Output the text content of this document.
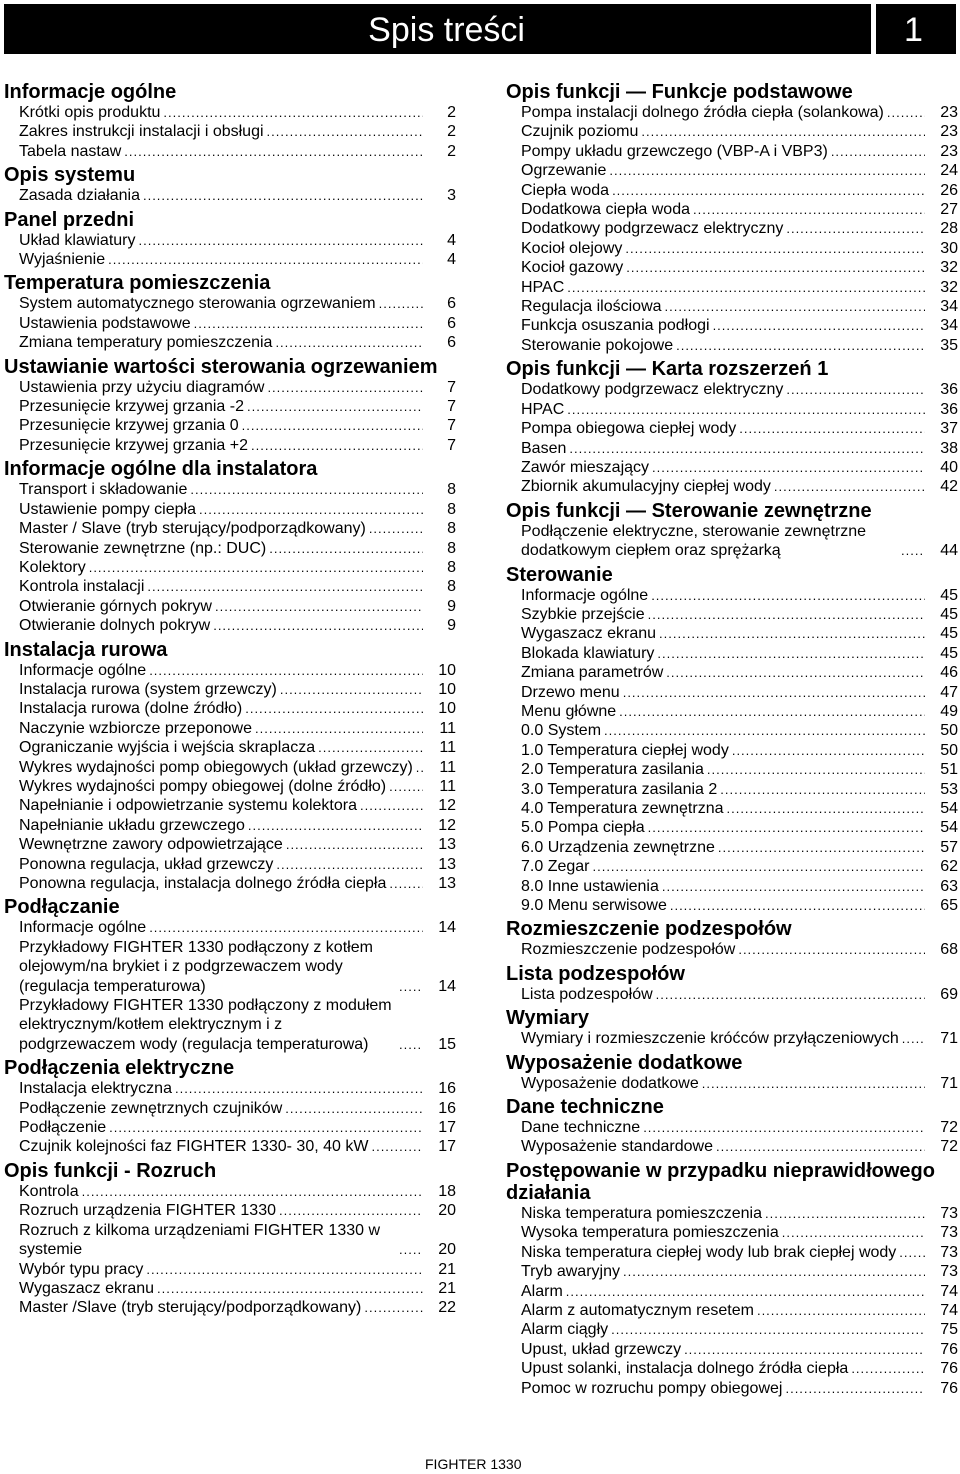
Spis treści	1
Informacje ogólne
Krótki opis produktu .....	2
Zakres instrukcji instalacji i obsługi .....	2
Tabela nastaw .....	2
Opis systemu
Zasada działania .....	3
Panel przedni
Układ klawiatury .....	4
Wyjaśnienie .....	4
Temperatura pomieszczenia
System automatycznego sterowania ogrzewaniem .....	6
Ustawienia podstawowe .....	6
Zmiana temperatury pomieszczenia .....	6
Ustawianie wartości sterowania ogrzewaniem
Ustawienia przy użyciu diagramów .....	7
Przesunięcie krzywej grzania -2 .....	7
Przesunięcie krzywej grzania 0 .....	7
Przesunięcie krzywej grzania +2 .....	7
Informacje ogólne dla instalatora
Transport i składowanie .....	8
Ustawienie pompy ciepła .....	8
Master / Slave (tryb sterujący/podporządkowany) .....	8
Sterowanie zewnętrzne (np.: DUC) .....	8
Kolektory .....	8
Kontrola instalacji .....	8
Otwieranie górnych pokryw .....	9
Otwieranie dolnych pokryw .....	9
Instalacja rurowa
Informacje ogólne .....	10
Instalacja rurowa (system grzewczy) .....	10
Instalacja rurowa (dolne źródło) .....	10
Naczynie wzbiorcze przeponowe .....	11
Ograniczanie wyjścia i wejścia skraplacza .....	11
Wykres wydajności pomp obiegowych (układ grzewczy) .....	11
Wykres wydajności pompy obiegowej (dolne źródło) .....	11
Napełnianie i odpowietrzanie systemu kolektora .....	12
Napełnianie układu grzewczego .....	12
Wewnętrzne zawory odpowietrzające .....	13
Ponowna regulacja, układ grzewczy .....	13
Ponowna regulacja, instalacja dolnego źródła ciepła .....	13
Podłączanie
Informacje ogólne .....	14
Przykładowy FIGHTER 1330 podłączony z kotłem olejowym/na brykiet i z podgrzewaczem wody (regulacja temperaturowa) .....	14
Przykładowy FIGHTER 1330 podłączony z modułem elektrycznym/kotłem elektrycznym i z podgrzewaczem wody (regulacja temperaturowa) .....	15
Podłączenia elektryczne
Instalacja elektryczna .....	16
Podłączenie zewnętrznych czujników .....	16
Podłączenie .....	17
Czujnik kolejności faz FIGHTER 1330- 30, 40 kW .....	17
Opis funkcji - Rozruch
Kontrola .....	18
Rozruch urządzenia FIGHTER 1330 .....	20
Rozruch z kilkoma urządzeniami FIGHTER 1330 w systemie .....	20
Wybór typu pracy .....	21
Wygaszacz ekranu .....	21
Master /Slave (tryb sterujący/podporządkowany) .....	22
Opis funkcji — Funkcje podstawowe
Pompa instalacji dolnego źródła ciepła (solankowa) .....	23
Czujnik poziomu .....	23
Pompy układu grzewczego (VBP-A i VBP3) .....	23
Ogrzewanie .....	24
Ciepła woda .....	26
Dodatkowa ciepła woda .....	27
Dodatkowy podgrzewacz elektryczny .....	28
Kocioł olejowy .....	30
Kocioł gazowy .....	32
HPAC .....	32
Regulacja ilościowa .....	34
Funkcja osuszania podłogi .....	34
Sterowanie pokojowe .....	35
Opis funkcji — Karta rozszerzeń 1
Dodatkowy podgrzewacz elektryczny .....	36
HPAC .....	36
Pompa obiegowa ciepłej wody .....	37
Basen .....	38
Zawór mieszający .....	40
Zbiornik akumulacyjny ciepłej wody .....	42
Opis funkcji — Sterowanie zewnętrzne
Podłączenie elektryczne, sterowanie zewnętrzne dodatkowym ciepłem oraz sprężarką .....	44
Sterowanie
Informacje ogólne .....	45
Szybkie przejście .....	45
Wygaszacz ekranu .....	45
Blokada klawiatury .....	45
Zmiana parametrów .....	46
Drzewo menu .....	47
Menu główne .....	49
0.0 System .....	50
1.0 Temperatura ciepłej wody .....	50
2.0 Temperatura zasilania .....	51
3.0 Temperatura zasilania 2 .....	53
4.0 Temperatura zewnętrzna .....	54
5.0 Pompa ciepła .....	54
6.0 Urządzenia zewnętrzne .....	57
7.0 Zegar .....	62
8.0 Inne ustawienia .....	63
9.0 Menu serwisowe .....	65
Rozmieszczenie podzespołów
Rozmieszczenie podzespołów .....	68
Lista podzespołów
Lista podzespołów .....	69
Wymiary
Wymiary i rozmieszczenie króćców przyłączeniowych .....	71
Wyposażenie dodatkowe
Wyposażenie dodatkowe .....	71
Dane techniczne
Dane techniczne .....	72
Wyposażenie standardowe .....	72
Postępowanie w przypadku nieprawidłowego działania
Niska temperatura pomieszczenia .....	73
Wysoka temperatura pomieszczenia .....	73
Niska temperatura ciepłej wody lub brak ciepłej wody .....	73
Tryb awaryjny .....	73
Alarm .....	74
Alarm z automatycznym resetem .....	74
Alarm ciągły .....	75
Upust, układ grzewczy .....	76
Upust solanki, instalacja dolnego źródła ciepła .....	76
Pomoc w rozruchu pompy obiegowej .....	76
FIGHTER 1330
